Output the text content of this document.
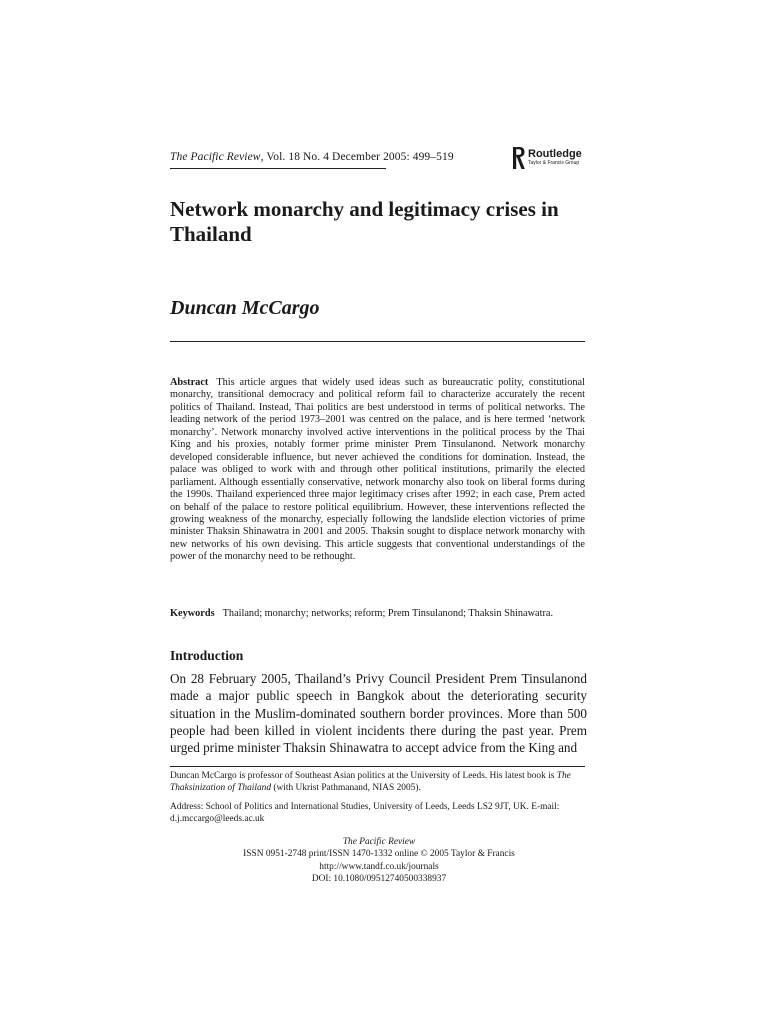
The Pacific Review, Vol. 18 No. 4 December 2005: 499–519	Routledge
Taylor & Francis Group
Network monarchy and legitimacy crises in Thailand
Duncan McCargo

Abstract This article argues that widely used ideas such as bureaucratic polity, constitutional monarchy, transitional democracy and political reform fail to characterize accurately the recent politics of Thailand. Instead, Thai politics are best understood in terms of political networks. The leading network of the period 1973–2001 was centred on the palace, and is here termed ‘network monarchy’. Network monarchy involved active interventions in the political process by the Thai King and his proxies, notably former prime minister Prem Tinsulanond. Network monarchy developed considerable influence, but never achieved the conditions for domination. Instead, the palace was obliged to work with and through other political institutions, primarily the elected parliament. Although essentially conservative, network monarchy also took on liberal forms during the 1990s. Thailand experienced three major legitimacy crises after 1992; in each case, Prem acted on behalf of the palace to restore political equilibrium. However, these interventions reflected the growing weakness of the monarchy, especially following the landslide election victories of prime minister Thaksin Shinawatra in 2001 and 2005. Thaksin sought to displace network monarchy with new networks of his own devising. This article suggests that conventional understandings of the power of the monarchy need to be rethought.

Keywords Thailand; monarchy; networks; reform; Prem Tinsulanond; Thaksin Shinawatra.

Introduction

On 28 February 2005, Thailand’s Privy Council President Prem Tinsulanond made a major public speech in Bangkok about the deteriorating security situation in the Muslim-dominated southern border provinces. More than 500 people had been killed in violent incidents there during the past year. Prem urged prime minister Thaksin Shinawatra to accept advice from the King and

Duncan McCargo is professor of Southeast Asian politics at the University of Leeds. His latest book is The Thaksinization of Thailand (with Ukrist Pathmanand, NIAS 2005).

Address: School of Politics and International Studies, University of Leeds, Leeds LS2 9JT, UK. E-mail: d.j.mccargo@leeds.ac.uk

The Pacific Review
ISSN 0951-2748 print/ISSN 1470-1332 online © 2005 Taylor & Francis
http://www.tandf.co.uk/journals
DOI: 10.1080/09512740500338937
